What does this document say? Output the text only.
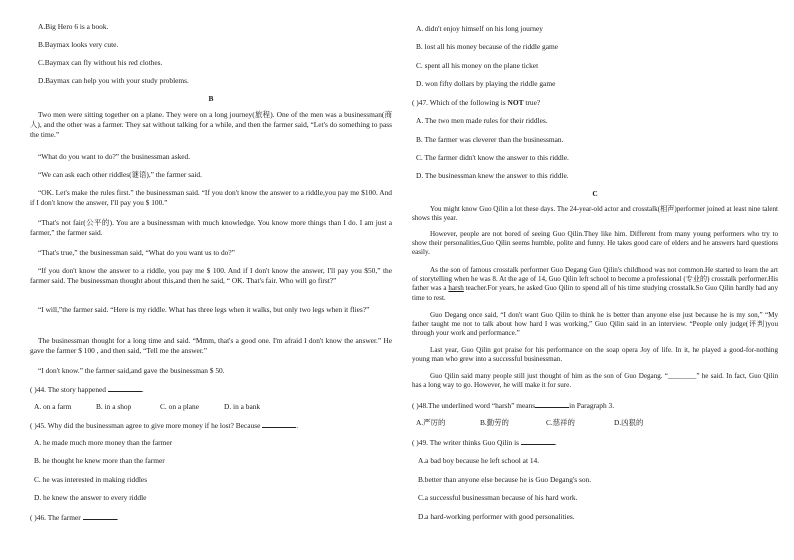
A.Big Hero 6 is a book.
B.Baymax looks very cute.
C.Baymax can fly without his red clothes.
D.Baymax can help you with your study problems.
B
Two men were sitting together on a plane. They were on a long journey(旅程). One of the men was a businessman(商人), and the other was a farmer. They sat without talking for a while, and then the farmer said, “Let's do something to pass the time.”
“What do you want to do?” the businessman asked.
“We can ask each other riddles(谜语),” the farmer said.
“OK. Let's make the rules first.” the businessman said. “If you don't know the answer to a riddle,you pay me $100. And if I don't know the answer, I'll pay you $ 100.”
“That's not fair(公平的). You are a businessman with much knowledge. You know more things than I do. I am just a farmer,” the farmer said.
“That's true,” the businessman said, “What do you want us to do?”
“If you don't know the answer to a riddle, you pay me $ 100. And if I don't know the answer, I'll pay you $50,” the farmer said. The businessman thought about this,and then he said, “ OK. That's fair. Who will go first?”
“I will,”the farmer said. “Here is my riddle. What has three legs when it walks, but only two legs when it flies?”
The businessman thought for a long time and said. “Mmm, that's a good one. I'm afraid I don't know the answer.” He gave the farmer $ 100 , and then said, “Tell me the answer.”
“I don't know.” the farmer said,and gave the businessman $ 50.
( )44. The story happened	.
A. on a farm	B. in a shop	C. on a plane	D. in a bank
( )45. Why did the businessman agree to give more money if he lost? Because	.
A. he made much more money than the farmer
B. he thought he knew more than the farmer
C. he was interested in making riddles
D. he knew the answer to every riddle
( )46. The farmer	.
A. didn't enjoy himself on his long journey
B. lost all his money because of the riddle game
C. spent all his money on the plane ticket
D. won fifty dollars by playing the riddle game
( )47. Which of the following is NOT true?
A. The two men made rules for their riddles.
B. The farmer was cleverer than the businessman.
C. The farmer didn't know the answer to this riddle.
D. The businessman knew the answer to this riddle.
C
You might know Guo Qilin a lot these days. The 24-year-old actor and crosstalk(相声)performer joined at least nine talent shows this year.
However, people are not bored of seeing Guo Qilin.They like him. Different from many young performers who try to show their personalities,Guo Qilin seems humble, polite and funny. He takes good care of elders and he answers hard questions easily.
As the son of famous crosstalk performer Guo Degang Guo Qilin's childhood was not common.He started to learn the art of storytelling when he was 8. At the age of 14, Guo Qilin left school to become a professional (专业的) crosstalk performer.His father was a harsh teacher.For years, he asked Guo Qilin to spend all of his time studying crosstalk.So Guo Qilin hardly had any time to rest.
Guo Degang once said, “I don't want Guo Qilin to think he is better than anyone else just because he is my son,” “My father taught me not to talk about how hard I was working,” Guo Qilin said in an interview. “People only judge(评判)you through your work and performance.”
Last year, Guo Qilin got praise for his performance on the soap opera Joy of life. In it, he played a good-for-nothing young man who grew into a successful businessman.
Guo Qilin said many people still just thought of him as the son of Guo Degang. “________” he said. In fact, Guo Qilin has a long way to go. However, he will make it for sure.
( )48.The underlined word “harsh” means	in Paragraph 3.
A.严厉的	B.勤劳的	C.慈祥的	D.凶狠的
( )49. The writer thinks Guo Qilin is	.
A.a bad boy because he left school at 14.
B.better than anyone else because he is Guo Degang's son.
C.a successful businessman because of his hard work.
D.a hard-working performer with good personalities.
